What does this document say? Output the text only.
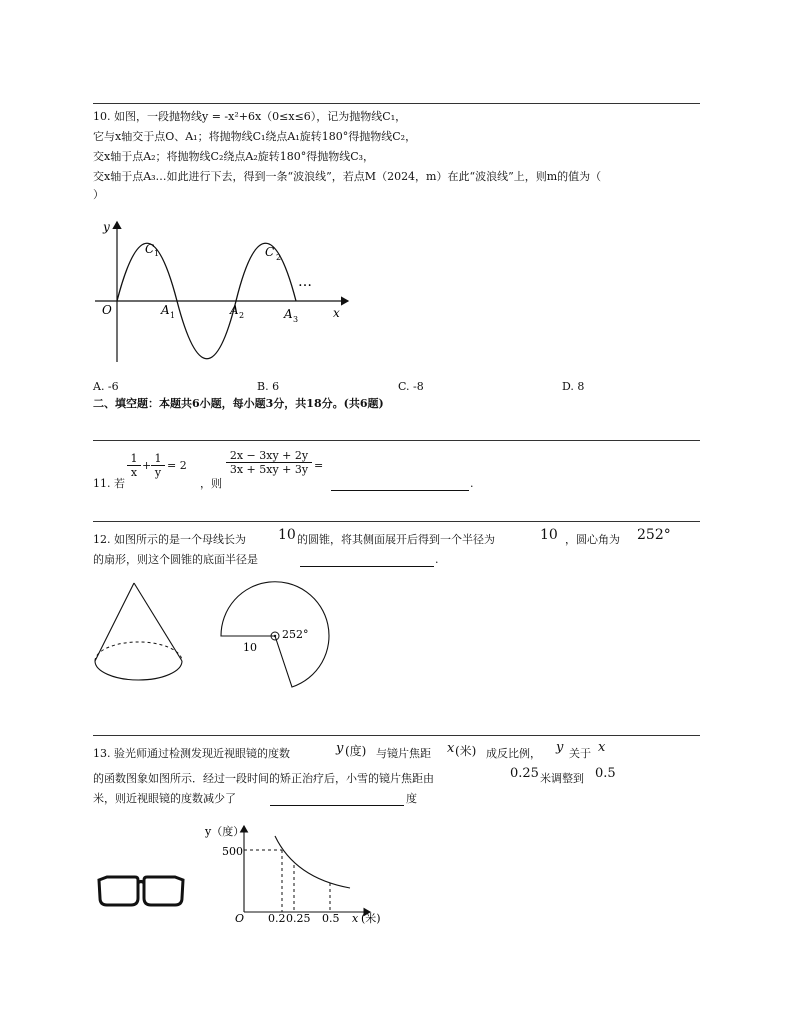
10. 如图，一段抛物线y = -x²+6x（0≤x≤6），记为抛物线C₁，
它与x轴交于点O、A₁；将抛物线C₁绕点A₁旋转180°得抛物线C₂，
交x轴于点A₂；将抛物线C₂绕点A₂旋转180°得抛物线C₃，
交x轴于点A₃…如此进行下去，得到一条“波浪线”，若点M（2024，m）在此“波浪线”上，则m的值为（
）
y
x
O
C 1	C 2
…
A 1	A 2	A 3
A. -6	B. 6	C. -8	D. 8
二、填空题：本题共6小题，每小题3分，共18分。(共6题)
11. 若
$\frac{1}{x} + \frac{1}{y} = 2$
，则
$\frac{2x - 3xy + 2y}{3x + 5xy + 3y}$ =
.
12. 如图所示的是一个母线长为 10 的圆锥，将其侧面展开后得到一个半径为	10 ，圆心角为 252°
的扇形，则这个圆锥的底面半径是	.
252°
10
13. 验光师通过检测发现近视眼镜的度数	y (度) 与镜片焦距 x (米) 成反比例， y 关于 x
的函数图象如图所示．经过一段时间的矫正治疗后，小雪的镜片焦距由	0.25 米调整到 0.5
米，则近视眼镜的度数减少了	度
y（度）
500
O 0.2 0.25 0.5 x (米)
